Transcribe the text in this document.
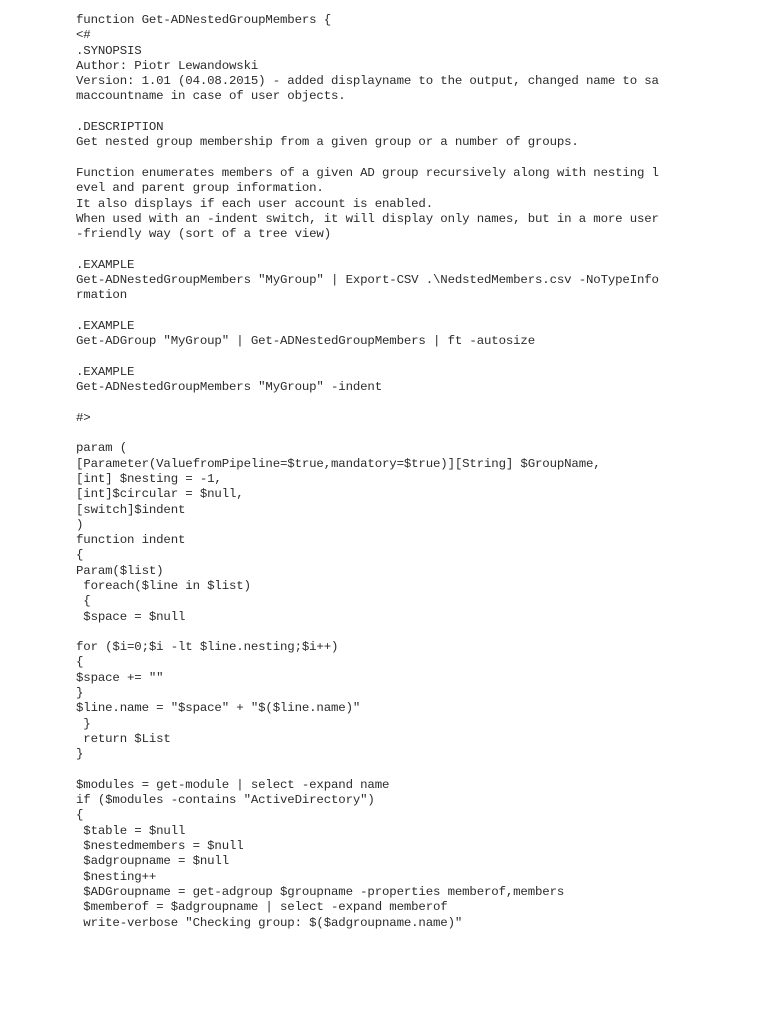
function Get-ADNestedGroupMembers {
<#
.SYNOPSIS
Author: Piotr Lewandowski
Version: 1.01 (04.08.2015) - added displayname to the output, changed name to sa
maccountname in case of user objects.
.DESCRIPTION
Get nested group membership from a given group or a number of groups.
Function enumerates members of a given AD group recursively along with nesting l
evel and parent group information.
It also displays if each user account is enabled.
When used with an -indent switch, it will display only names, but in a more user
-friendly way (sort of a tree view)
.EXAMPLE
Get-ADNestedGroupMembers "MyGroup" | Export-CSV .\NedstedMembers.csv -NoTypeInfo
rmation
.EXAMPLE
Get-ADGroup "MyGroup" | Get-ADNestedGroupMembers | ft -autosize
.EXAMPLE
Get-ADNestedGroupMembers "MyGroup" -indent
#>
param (
[Parameter(ValuefromPipeline=$true,mandatory=$true)][String] $GroupName,
[int] $nesting = -1,
[int]$circular = $null,
[switch]$indent
)
function indent
{
Param($list)
foreach($line in $list)
{
$space = $null
for ($i=0;$i -lt $line.nesting;$i++)
{
$space += ""
}
$line.name = "$space" + "$($line.name)"
}
return $List
}
$modules = get-module | select -expand name
if ($modules -contains "ActiveDirectory")
{
$table = $null
$nestedmembers = $null
$adgroupname = $null
$nesting++
$ADGroupname = get-adgroup $groupname -properties memberof,members
$memberof = $adgroupname | select -expand memberof
write-verbose "Checking group: $($adgroupname.name)"
